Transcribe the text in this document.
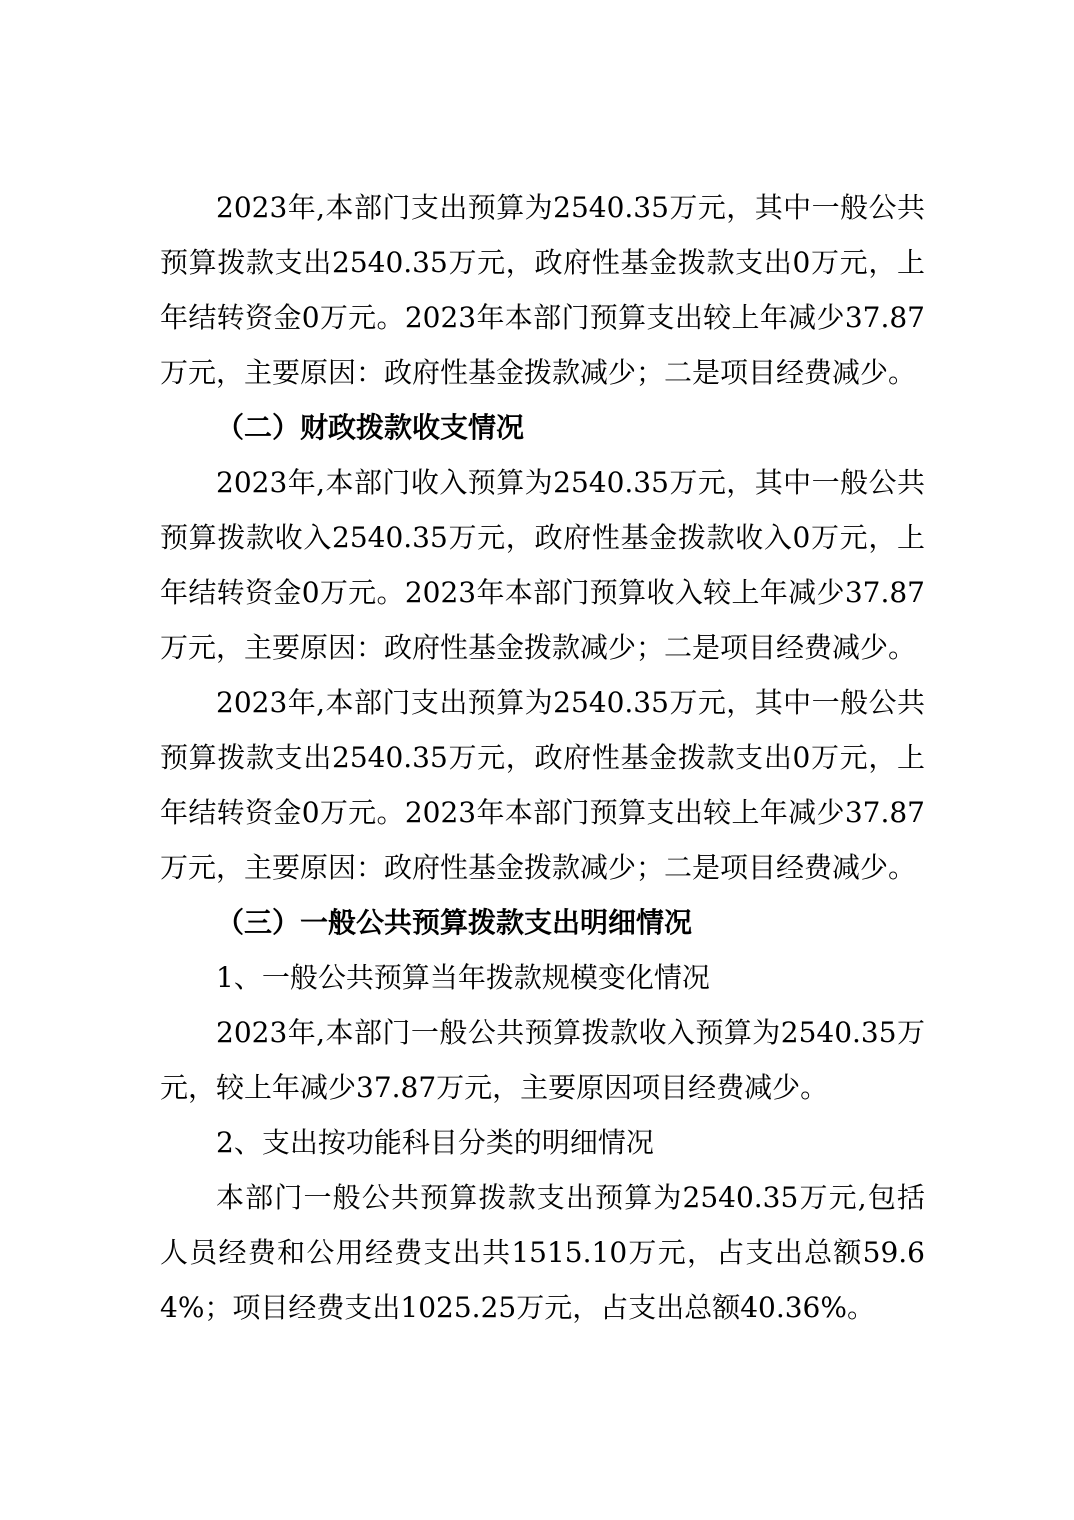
2023年,本部门支出预算为2540.35万元，其中一般公共预算拨款支出2540.35万元，政府性基金拨款支出0万元，上年结转资金0万元。2023年本部门预算支出较上年减少37.87万元，主要原因：政府性基金拨款减少；二是项目经费减少。

（二）财政拨款收支情况

2023年,本部门收入预算为2540.35万元，其中一般公共预算拨款收入2540.35万元，政府性基金拨款收入0万元，上年结转资金0万元。2023年本部门预算收入较上年减少37.87万元，主要原因：政府性基金拨款减少；二是项目经费减少。

2023年,本部门支出预算为2540.35万元，其中一般公共预算拨款支出2540.35万元，政府性基金拨款支出0万元，上年结转资金0万元。2023年本部门预算支出较上年减少37.87万元，主要原因：政府性基金拨款减少；二是项目经费减少。

（三）一般公共预算拨款支出明细情况

1、一般公共预算当年拨款规模变化情况

2023年,本部门一般公共预算拨款收入预算为2540.35万元，较上年减少37.87万元，主要原因项目经费减少。

2、支出按功能科目分类的明细情况

本部门一般公共预算拨款支出预算为2540.35万元,包括人员经费和公用经费支出共1515.10万元，占支出总额59.64%；项目经费支出1025.25万元，占支出总额40.36%。
